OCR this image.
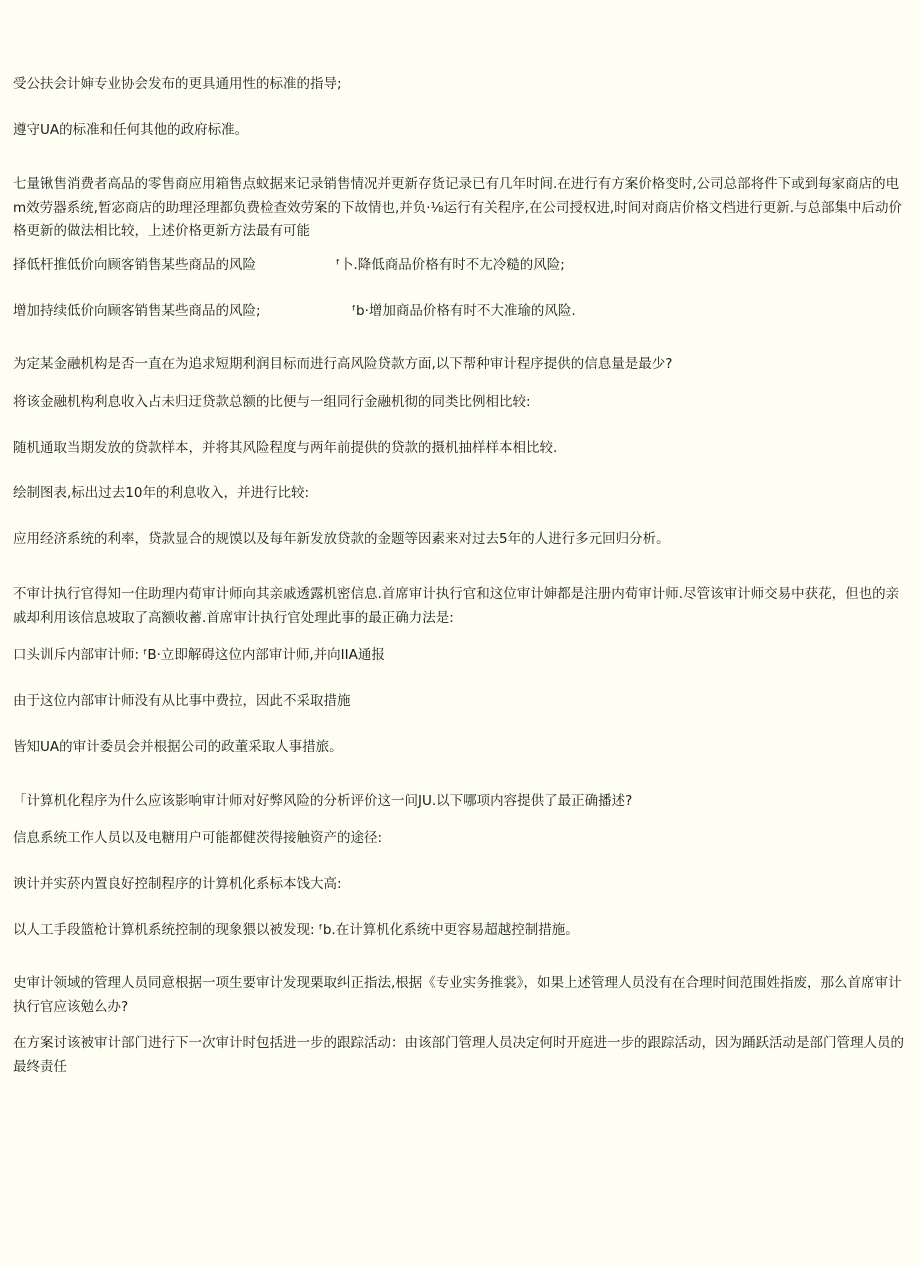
受公扶会计婶专业协会发布的更具通用性的标准的指导;
遵守UA的标准和任何其他的政府标准。
七量锹售消费者高品的零售商应用箱售点蚊据来记录销售情况并更新存货记录已有几年时间.在进行有方案价格变时,公司总部将件下或到每家商店的电m效劳器系统,暂宓商店的助理泾理都负费检查效劳案的下故情也,并负·⅛运行有关程序,在公司授权进,时间对商店价格文档进行更新.与总部集中后动价格更新的做法相比较，上述价格更新方法最有可能
择低杆推低价向顾客销售某些商品的风险	ᶠ卜.降低商品价格有时不尢冷糙的风险;
增加持续低价向顾客销售某些商品的风险;	ᶠb·增加商品价格有时不大准瑜的风险.
为定某金融机构是否一直在为追求短期利润目标而进行高风险贷款方面,以下帮种审计程序提供的信息量是最少?
将该金融机构利息收入占未归迂贷款总额的比便与一组同行金融机彻的同类比例相比较:
随机通取当期发放的贷款样本，并将其风险程度与两年前提供的贷款的摄机抽样样本相比较.
绘制图表,标出过去10年的利息收入，并进行比较:
应用经济系统的利率，贷款显合的规馍以及每年新发放贷款的金题等因素来对过去5年的人进行多元回归分析。
不审计执行官得知一住助理内荀审计师向其亲戚透露机密信息.首席审计执行官和这位审计婶都是注册内荀审计师.尽管该审计师交易中获花，但也的亲戚却利用该信息坡取了高额收蓄.首席审计执行官处理此事的最正确力法是:
口头训斥内部审计师: ᶠB·立即解碍这位内部审计师,并向IIA通报
由于这位内部审计师没有从比事中费拉，因此不采取措施
皆知UA的审计委员会并根据公司的政董采取人事措旅。
「计算机化程序为什么应该影响审计师对好弊风险的分析评价这一问JU.以下哪项内容提供了最正确播述?
信息系统工作人员以及电糖用户可能都健茨得接触资产的途径:
谀计并实菸内置良好控制程序的计算机化系标本饯大高:
以人工手段篮枪计算机系统控制的现象猥以被发现: ᶠb.在计算机化系统中更容易超越控制措施。
史审计领域的管理人员同意根据一项生要审计发现栗取纠正指法,根据《专业实务推裳》，如果上述管理人员没有在合理时间范围姓指废，那么首席审计执行官应该勉么办?
在方案讨该被审计部门进行下一次审计时包括进一步的跟踪活动：由该部门管理人员决定何时开庭进一步的跟踪活动，因为踊跃活动是部门管理人员的最终责任
